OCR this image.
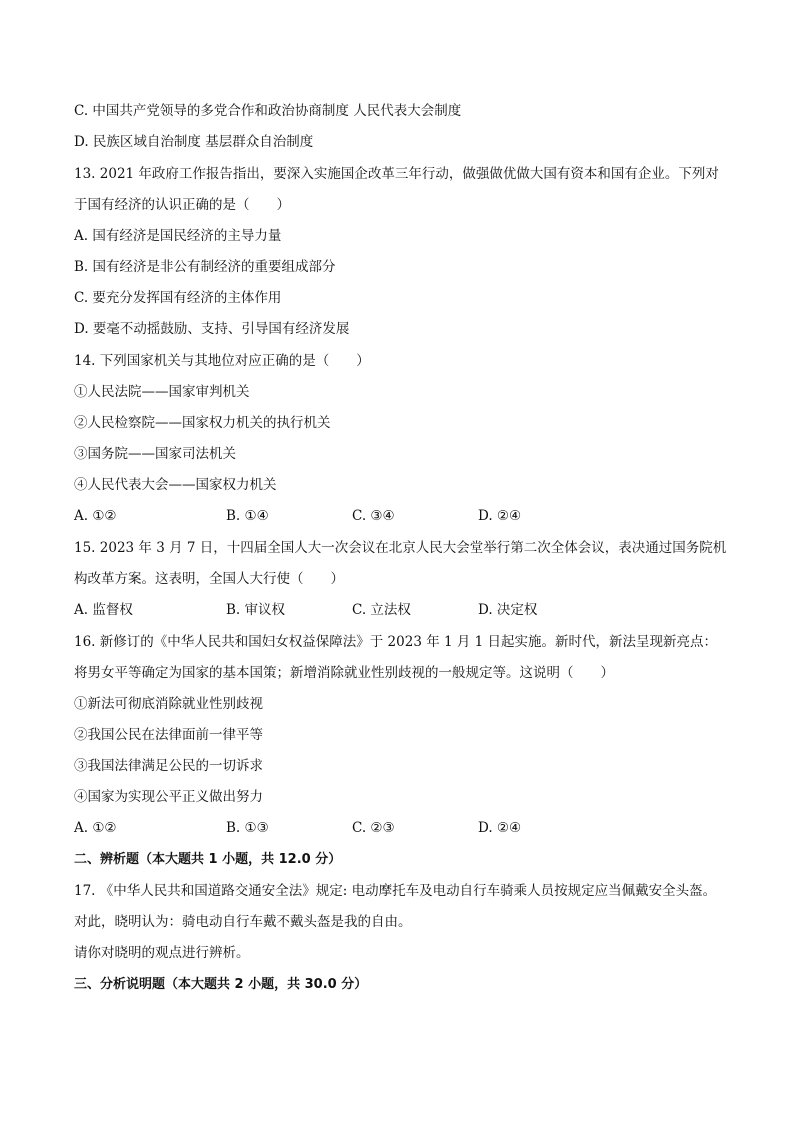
C. 中国共产党领导的多党合作和政治协商制度 人民代表大会制度
D. 民族区域自治制度 基层群众自治制度
13. 2021 年政府工作报告指出，要深入实施国企改革三年行动，做强做优做大国有资本和国有企业。下列对
于国有经济的认识正确的是（　　）
A. 国有经济是国民经济的主导力量
B. 国有经济是非公有制经济的重要组成部分
C. 要充分发挥国有经济的主体作用
D. 要毫不动摇鼓励、支持、引导国有经济发展
14. 下列国家机关与其地位对应正确的是（　　）
①人民法院——国家审判机关
②人民检察院——国家权力机关的执行机关
③国务院——国家司法机关
④人民代表大会——国家权力机关
A. ①②	B. ①④	C. ③④	D. ②④
15. 2023 年 3 月 7 日，十四届全国人大一次会议在北京人民大会堂举行第二次全体会议，表决通过国务院机
构改革方案。这表明，全国人大行使（　　）
A. 监督权	B. 审议权	C. 立法权	D. 决定权
16. 新修订的《中华人民共和国妇女权益保障法》于 2023 年 1 月 1 日起实施。新时代，新法呈现新亮点：
将男女平等确定为国家的基本国策；新增消除就业性别歧视的一般规定等。这说明（　　）
①新法可彻底消除就业性别歧视
②我国公民在法律面前一律平等
③我国法律满足公民的一切诉求
④国家为实现公平正义做出努力
A. ①②	B. ①③	C. ②③	D. ②④
二、辨析题（本大题共 1 小题，共 12.0 分）
17. 《中华人民共和国道路交通安全法》规定: 电动摩托车及电动自行车骑乘人员按规定应当佩戴安全头盔。
对此，晓明认为：骑电动自行车戴不戴头盔是我的自由。
请你对晓明的观点进行辨析。
三、分析说明题（本大题共 2 小题，共 30.0 分）
